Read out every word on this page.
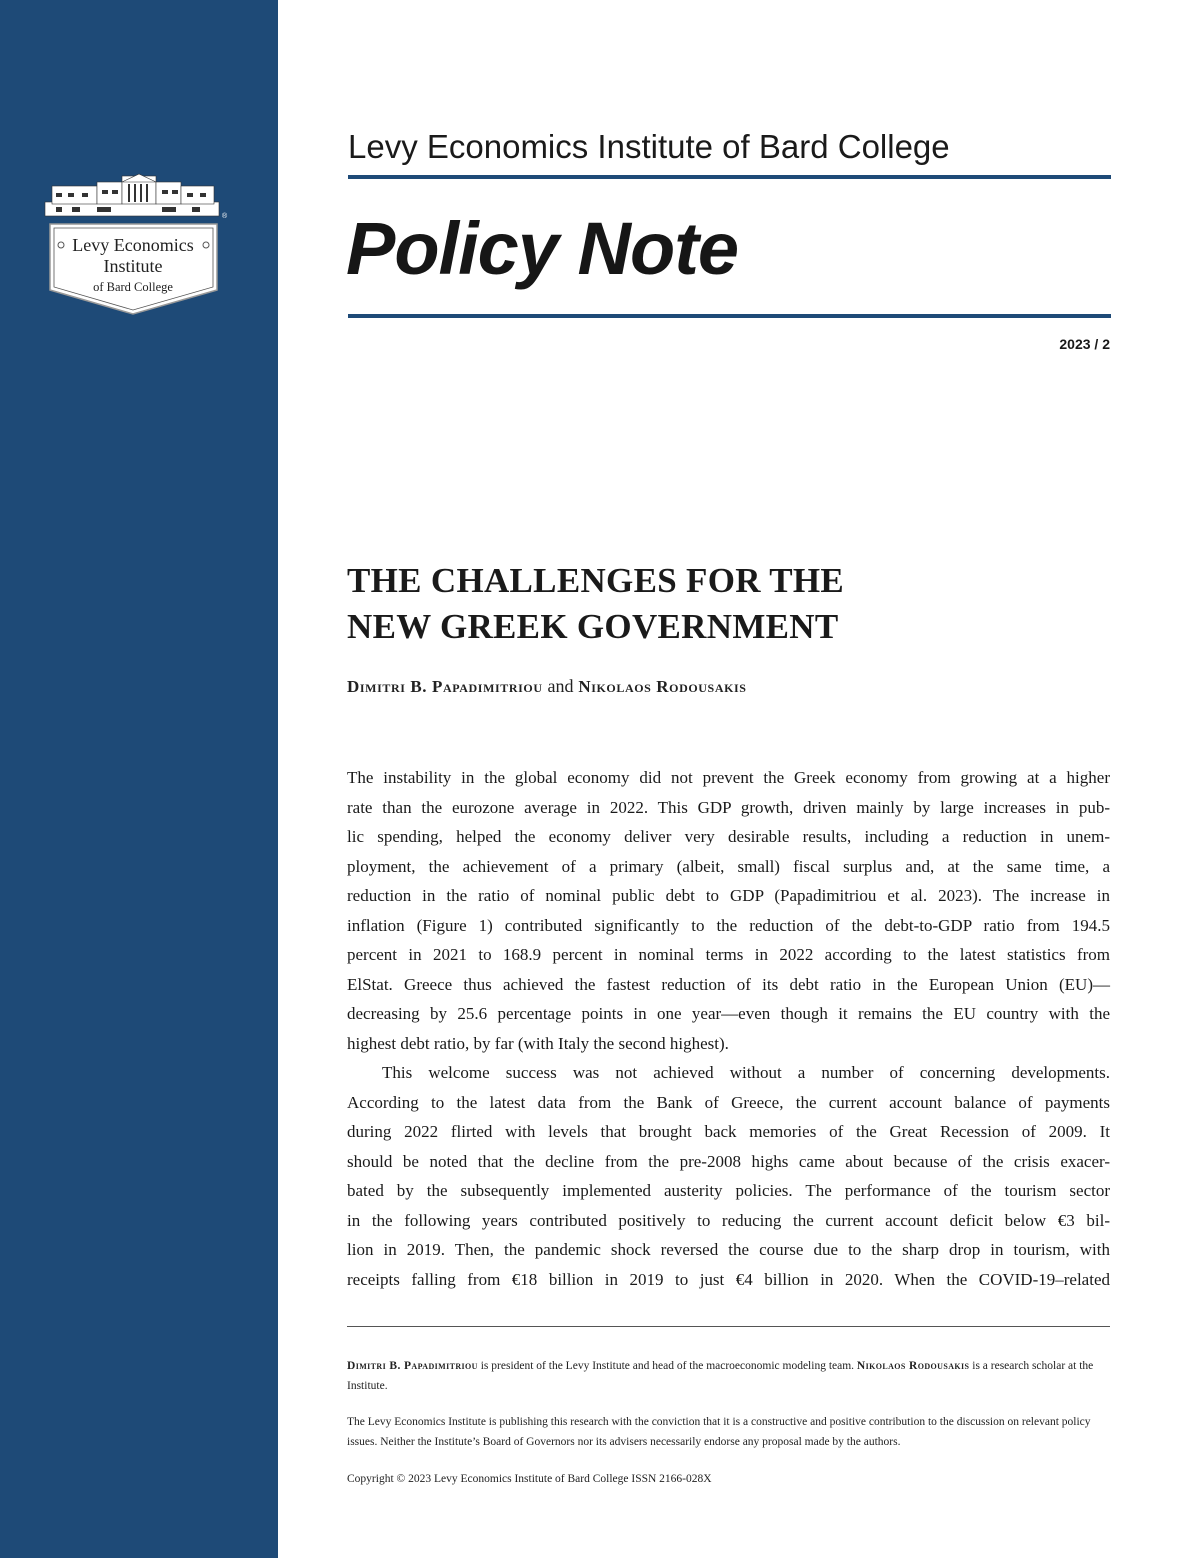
®
Levy Economics
Institute
of Bard College
Levy Economics Institute of Bard College
Policy Note
2023 / 2
THE CHALLENGES FOR THE
NEW GREEK GOVERNMENT
Dimitri B. Papadimitriou and Nikolaos Rodousakis
The instability in the global economy did not prevent the Greek economy from growing at a higher
rate than the eurozone average in 2022. This GDP growth, driven mainly by large increases in pub-
lic spending, helped the economy deliver very desirable results, including a reduction in unem-
ployment, the achievement of a primary (albeit, small) fiscal surplus and, at the same time, a
reduction in the ratio of nominal public debt to GDP (Papadimitriou et al. 2023). The increase in
inflation (Figure 1) contributed significantly to the reduction of the debt-to-GDP ratio from 194.5
percent in 2021 to 168.9 percent in nominal terms in 2022 according to the latest statistics from
ElStat. Greece thus achieved the fastest reduction of its debt ratio in the European Union (EU)—
decreasing by 25.6 percentage points in one year—even though it remains the EU country with the
highest debt ratio, by far (with Italy the second highest).
This welcome success was not achieved without a number of concerning developments.
According to the latest data from the Bank of Greece, the current account balance of payments
during 2022 flirted with levels that brought back memories of the Great Recession of 2009. It
should be noted that the decline from the pre-2008 highs came about because of the crisis exacer-
bated by the subsequently implemented austerity policies. The performance of the tourism sector
in the following years contributed positively to reducing the current account deficit below €3 bil-
lion in 2019. Then, the pandemic shock reversed the course due to the sharp drop in tourism, with
receipts falling from €18 billion in 2019 to just €4 billion in 2020. When the COVID-19–related
Dimitri B. Papadimitriou is president of the Levy Institute and head of the macroeconomic modeling team. Nikolaos Rodousakis is a research scholar at the Institute.
The Levy Economics Institute is publishing this research with the conviction that it is a constructive and positive contribution to the discussion on relevant policy issues. Neither the Institute’s Board of Governors nor its advisers necessarily endorse any proposal made by the authors.
Copyright © 2023 Levy Economics Institute of Bard College ISSN 2166-028X
